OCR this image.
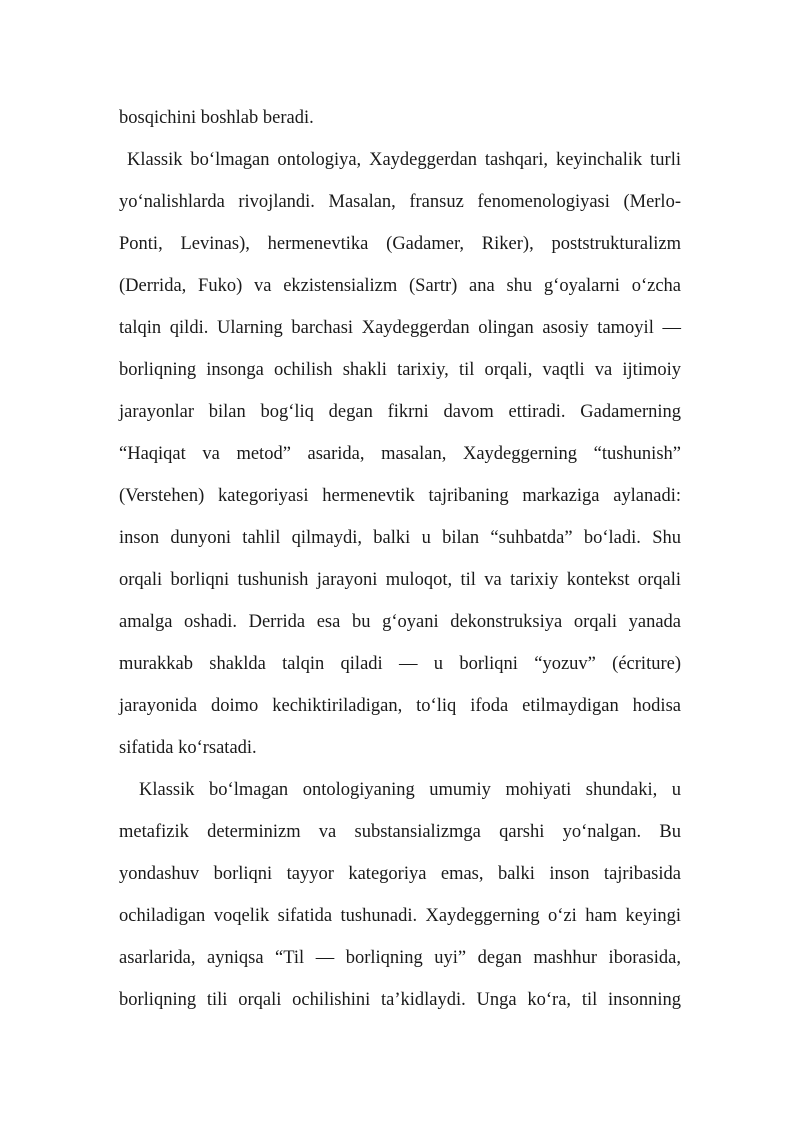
bosqichini boshlab beradi.
Klassik bo‘lmagan ontologiya, Xaydeggerdan tashqari, keyinchalik turli
yo‘nalishlarda rivojlandi. Masalan, fransuz fenomenologiyasi (Merlo-
Ponti, Levinas), hermenevtika (Gadamer, Riker), poststrukturalizm
(Derrida, Fuko) va ekzistensializm (Sartr) ana shu g‘oyalarni o‘zcha
talqin qildi. Ularning barchasi Xaydeggerdan olingan asosiy tamoyil —
borliqning insonga ochilish shakli tarixiy, til orqali, vaqtli va ijtimoiy
jarayonlar bilan bog‘liq degan fikrni davom ettiradi. Gadamerning
“Haqiqat va metod” asarida, masalan, Xaydeggerning “tushunish”
(Verstehen) kategoriyasi hermenevtik tajribaning markaziga aylanadi:
inson dunyoni tahlil qilmaydi, balki u bilan “suhbatda” bo‘ladi. Shu
orqali borliqni tushunish jarayoni muloqot, til va tarixiy kontekst orqali
amalga oshadi. Derrida esa bu g‘oyani dekonstruksiya orqali yanada
murakkab shaklda talqin qiladi — u borliqni “yozuv” (écriture)
jarayonida doimo kechiktiriladigan, to‘liq ifoda etilmaydigan hodisa
sifatida ko‘rsatadi.
Klassik bo‘lmagan ontologiyaning umumiy mohiyati shundaki, u
metafizik determinizm va substansializmga qarshi yo‘nalgan. Bu
yondashuv borliqni tayyor kategoriya emas, balki inson tajribasida
ochiladigan voqelik sifatida tushunadi. Xaydeggerning o‘zi ham keyingi
asarlarida, ayniqsa “Til — borliqning uyi” degan mashhur iborasida,
borliqning tili orqali ochilishini ta’kidlaydi. Unga ko‘ra, til insonning
